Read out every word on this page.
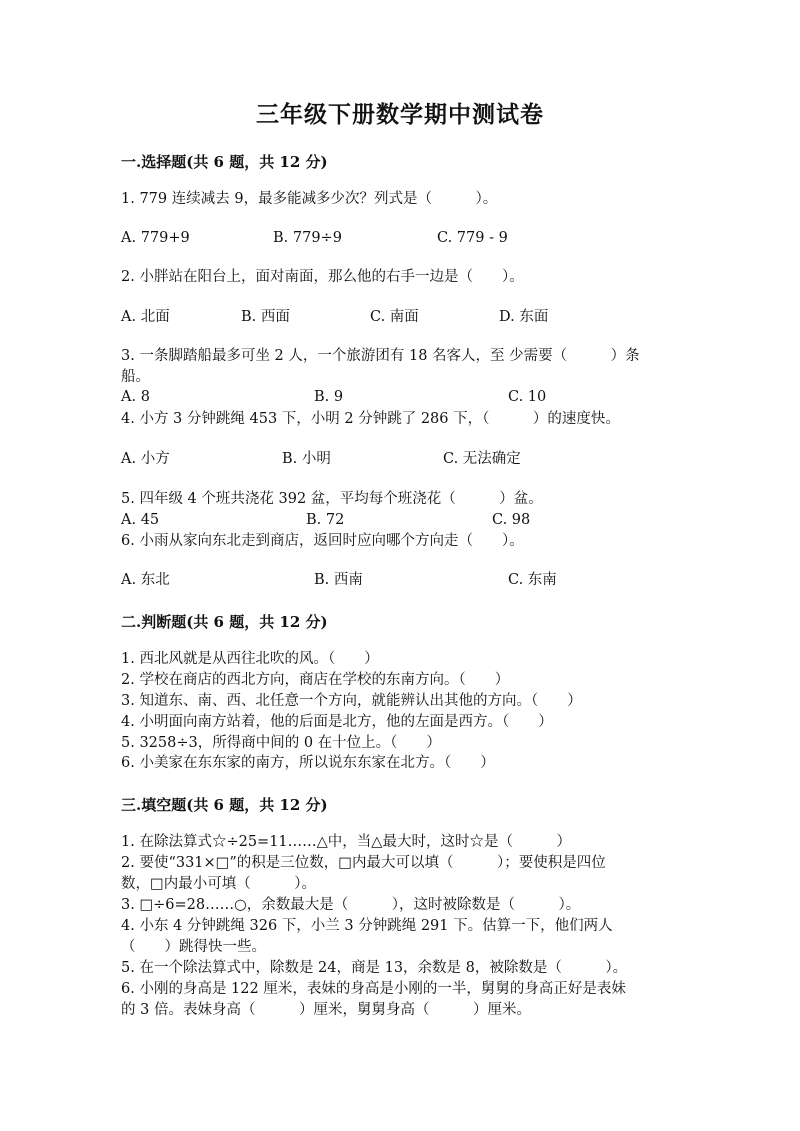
三年级下册数学期中测试卷
一.选择题(共 6 题，共 12 分)
1. 779 连续减去 9，最多能减多少次？列式是（　　　）。
A. 779+9	B. 779÷9	C. 779 - 9
2. 小胖站在阳台上，面对南面，那么他的右手一边是（　　）。
A. 北面	B. 西面	C. 南面	D. 东面
3. 一条脚踏船最多可坐 2 人，一个旅游团有 18 名客人，至 少需要（　　　）条
船。
A. 8	B. 9	C. 10
4. 小方 3 分钟跳绳 453 下，小明 2 分钟跳了 286 下，（　　　）的速度快。
A. 小方	B. 小明	C. 无法确定
5. 四年级 4 个班共浇花 392 盆，平均每个班浇花（　　　）盆。
A. 45	B. 72	C. 98
6. 小雨从家向东北走到商店，返回时应向哪个方向走（　　）。
A. 东北	B. 西南	C. 东南
二.判断题(共 6 题，共 12 分)
1. 西北风就是从西往北吹的风。（　　）
2. 学校在商店的西北方向，商店在学校的东南方向。（　　）
3. 知道东、南、西、北任意一个方向，就能辨认出其他的方向。（　　）
4. 小明面向南方站着，他的后面是北方，他的左面是西方。（　　）
5. 3258÷3，所得商中间的 0 在十位上。（　　）
6. 小美家在东东家的南方，所以说东东家在北方。（　　）
三.填空题(共 6 题，共 12 分)
1. 在除法算式☆÷25=11……△中，当△最大时，这时☆是（　　　）
2. 要使“331×□”的积是三位数，□内最大可以填（　　　）；要使积是四位
数，□内最小可填（　　　）。
3. □÷6=28……○，余数最大是（　　　），这时被除数是（　　　）。
4. 小东 4 分钟跳绳 326 下，小兰 3 分钟跳绳 291 下。估算一下，他们两人
（　　）跳得快一些。
5. 在一个除法算式中，除数是 24，商是 13，余数是 8，被除数是（　　　）。
6. 小刚的身高是 122 厘米，表妹的身高是小刚的一半，舅舅的身高正好是表妹
的 3 倍。表妹身高（　　　）厘米，舅舅身高（　　　）厘米。
